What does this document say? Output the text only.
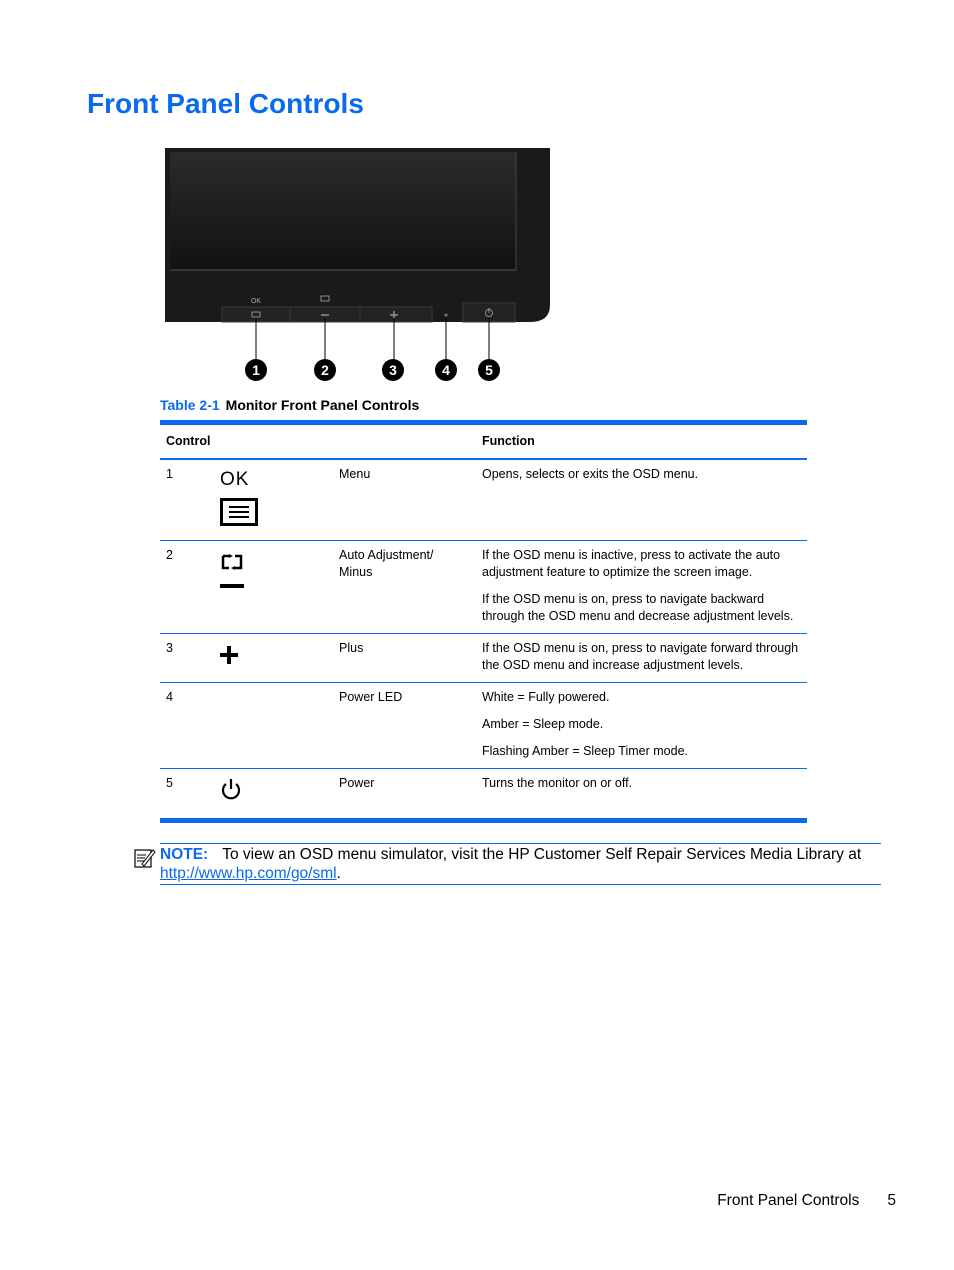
Front Panel Controls
OK
1	2	3	4	5
Table 2-1 Monitor Front Panel Controls
Control			Function
1	OK	Menu	Opens, selects or exits the OSD menu.

2		Auto Adjustment/ Minus	If the OSD menu is inactive, press to activate the auto adjustment feature to optimize the screen image.

If the OSD menu is on, press to navigate backward through the OSD menu and decrease adjustment levels.

3		Plus	If the OSD menu is on, press to navigate forward through the OSD menu and increase adjustment levels.

4		Power LED	White = Fully powered.

Amber = Sleep mode.

Flashing Amber = Sleep Timer mode.

5		Power	Turns the monitor on or off.

NOTE: To view an OSD menu simulator, visit the HP Customer Self Repair Services Media Library at http://www.hp.com/go/sml.
Front Panel Controls 5
